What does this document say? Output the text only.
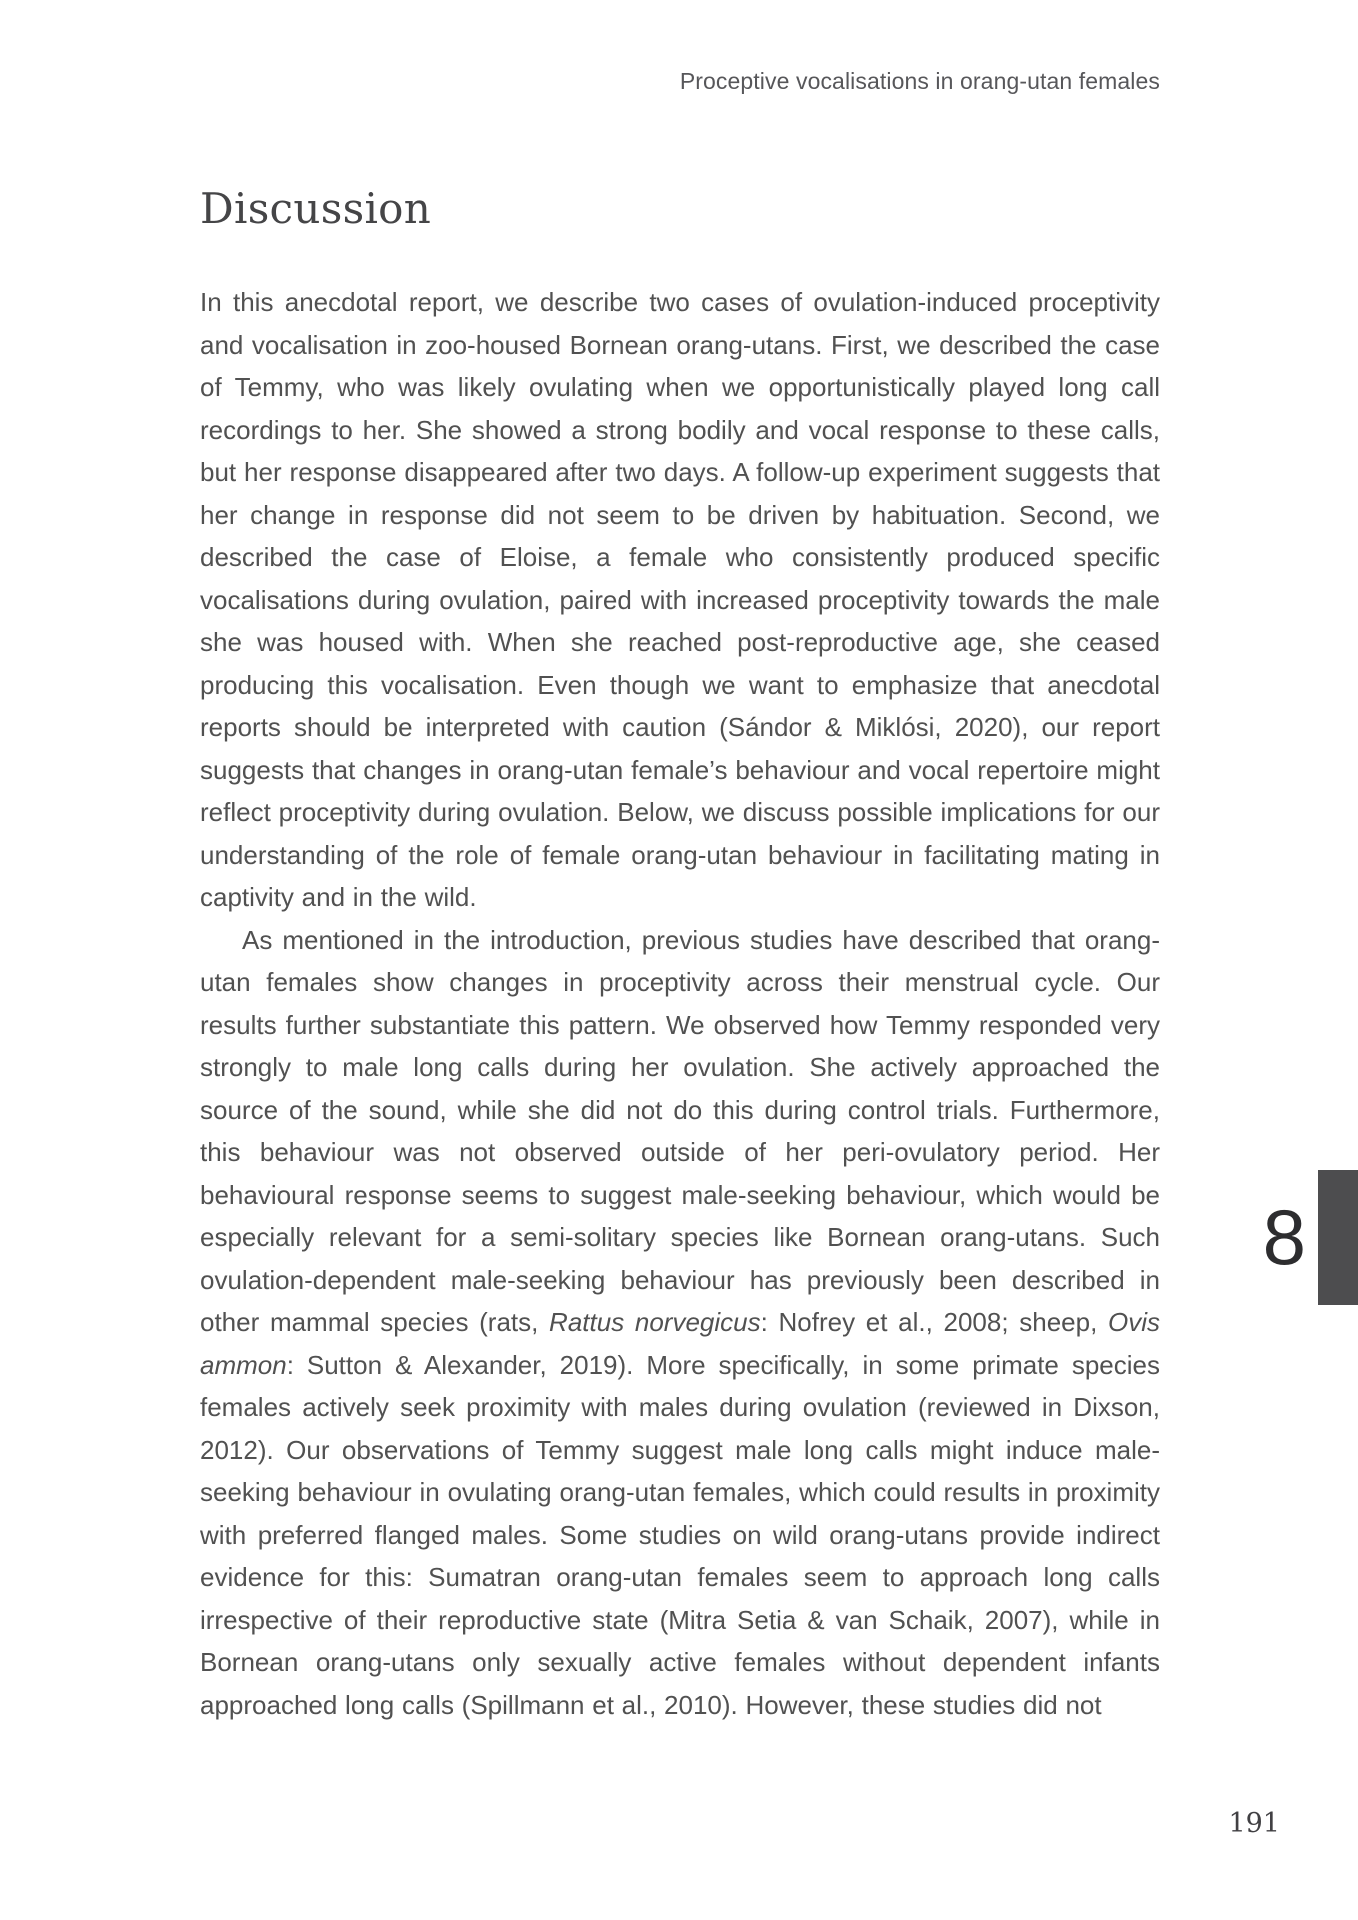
Proceptive vocalisations in orang-utan females
Discussion

In this anecdotal report, we describe two cases of ovulation-induced proceptivity and vocalisation in zoo-housed Bornean orang-utans. First, we described the case of Temmy, who was likely ovulating when we opportunistically played long call recordings to her. She showed a strong bodily and vocal response to these calls, but her response disappeared after two days. A follow-up experiment suggests that her change in response did not seem to be driven by habituation. Second, we described the case of Eloise, a female who consistently produced specific vocalisations during ovulation, paired with increased proceptivity towards the male she was housed with. When she reached post-reproductive age, she ceased producing this vocalisation. Even though we want to emphasize that anecdotal reports should be interpreted with caution (Sándor & Miklósi, 2020), our report suggests that changes in orang-utan female’s behaviour and vocal repertoire might reflect proceptivity during ovulation. Below, we discuss possible implications for our understanding of the role of female orang-utan behaviour in facilitating mating in captivity and in the wild.

As mentioned in the introduction, previous studies have described that orang-utan females show changes in proceptivity across their menstrual cycle. Our results further substantiate this pattern. We observed how Temmy responded very strongly to male long calls during her ovulation. She actively approached the source of the sound, while she did not do this during control trials. Furthermore, this behaviour was not observed outside of her peri-ovulatory period. Her behavioural response seems to suggest male-seeking behaviour, which would be especially relevant for a semi-solitary species like Bornean orang-utans. Such ovulation-dependent male-seeking behaviour has previously been described in other mammal species (rats, Rattus norvegicus: Nofrey et al., 2008; sheep, Ovis ammon: Sutton & Alexander, 2019). More specifically, in some primate species females actively seek proximity with males during ovulation (reviewed in Dixson, 2012). Our observations of Temmy suggest male long calls might induce male-seeking behaviour in ovulating orang-utan females, which could results in proximity with preferred flanged males. Some studies on wild orang-utans provide indirect evidence for this: Sumatran orang-utan females seem to approach long calls irrespective of their reproductive state (Mitra Setia & van Schaik, 2007), while in Bornean orang-utans only sexually active females without dependent infants approached long calls (Spillmann et al., 2010). However, these studies did not

8
191
